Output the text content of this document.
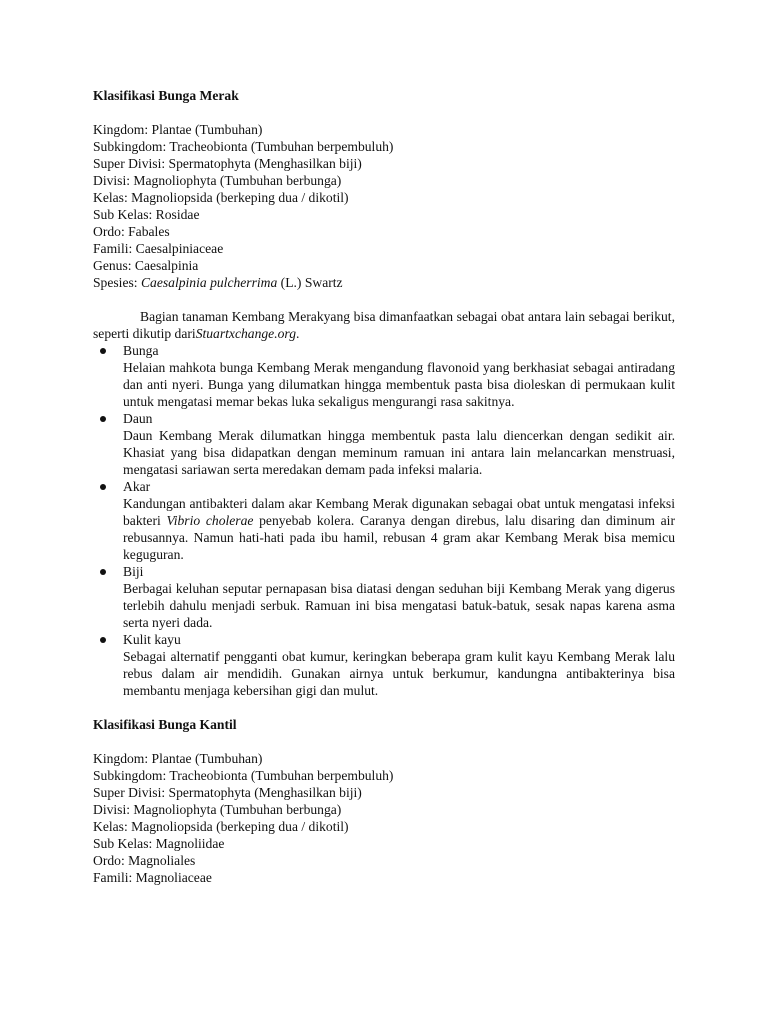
Klasifikasi Bunga Merak

Kingdom: Plantae (Tumbuhan)

Subkingdom: Tracheobionta (Tumbuhan berpembuluh)

Super Divisi: Spermatophyta (Menghasilkan biji)

Divisi: Magnoliophyta (Tumbuhan berbunga)

Kelas: Magnoliopsida (berkeping dua / dikotil)

Sub Kelas: Rosidae

Ordo: Fabales

Famili: Caesalpiniaceae

Genus: Caesalpinia

Spesies: Caesalpinia pulcherrima (L.) Swartz

Bagian tanaman Kembang Merakyang bisa dimanfaatkan sebagai obat antara lain sebagai berikut, seperti dikutip dariStuartxchange.org.

Bunga
Helaian mahkota bunga Kembang Merak mengandung flavonoid yang berkhasiat sebagai antiradang dan anti nyeri. Bunga yang dilumatkan hingga membentuk pasta bisa dioleskan di permukaan kulit untuk mengatasi memar bekas luka sekaligus mengurangi rasa sakitnya.
Daun
Daun Kembang Merak dilumatkan hingga membentuk pasta lalu diencerkan dengan sedikit air. Khasiat yang bisa didapatkan dengan meminum ramuan ini antara lain melancarkan menstruasi, mengatasi sariawan serta meredakan demam pada infeksi malaria.
Akar
Kandungan antibakteri dalam akar Kembang Merak digunakan sebagai obat untuk mengatasi infeksi bakteri Vibrio cholerae penyebab kolera. Caranya dengan direbus, lalu disaring dan diminum air rebusannya. Namun hati-hati pada ibu hamil, rebusan 4 gram akar Kembang Merak bisa memicu keguguran.
Biji
Berbagai keluhan seputar pernapasan bisa diatasi dengan seduhan biji Kembang Merak yang digerus terlebih dahulu menjadi serbuk. Ramuan ini bisa mengatasi batuk-batuk, sesak napas karena asma serta nyeri dada.
Kulit kayu
Sebagai alternatif pengganti obat kumur, keringkan beberapa gram kulit kayu Kembang Merak lalu rebus dalam air mendidih. Gunakan airnya untuk berkumur, kandungna antibakterinya bisa membantu menjaga kebersihan gigi dan mulut.

Klasifikasi Bunga Kantil

Kingdom: Plantae (Tumbuhan)

Subkingdom: Tracheobionta (Tumbuhan berpembuluh)

Super Divisi: Spermatophyta (Menghasilkan biji)

Divisi: Magnoliophyta (Tumbuhan berbunga)

Kelas: Magnoliopsida (berkeping dua / dikotil)

Sub Kelas: Magnoliidae

Ordo: Magnoliales

Famili: Magnoliaceae
